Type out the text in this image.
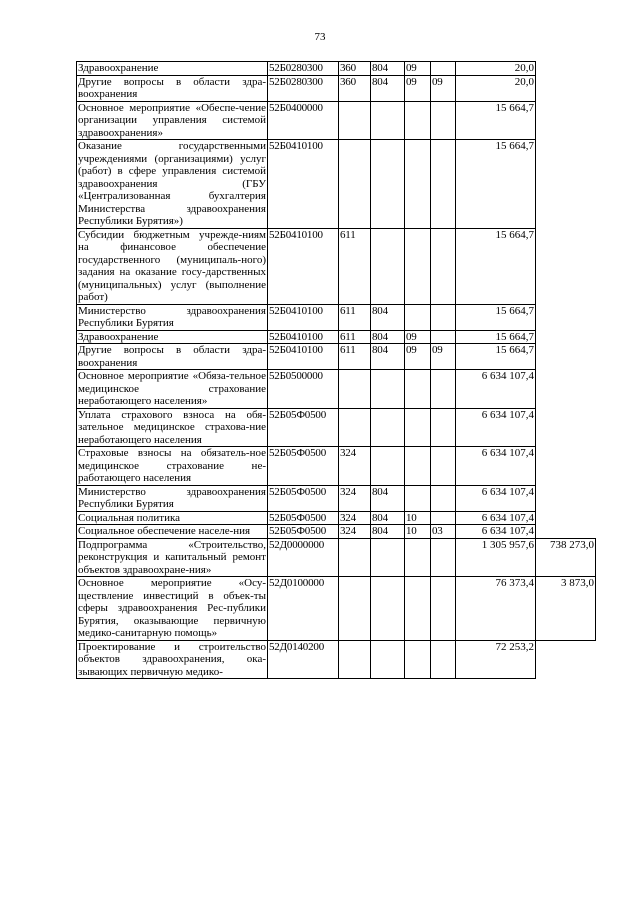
73
Здравоохранение	52Б0280300	360	804	09		20,0	
Другие вопросы в области здра-воохранения	52Б0280300	360	804	09	09	20,0	
Основное мероприятие «Обеспе-чение организации управления системой здравоохранения»	52Б0400000					15 664,7	
Оказание государственными учреждениями (организациями) услуг (работ) в сфере управления системой здравоохранения (ГБУ «Централизованная бухгалтерия Министерства здравоохранения Республики Бурятия»)	52Б0410100					15 664,7	
Субсидии бюджетным учрежде-ниям на финансовое обеспечение государственного (муниципаль-ного) задания на оказание госу-дарственных (муниципальных) услуг (выполнение работ)	52Б0410100	611				15 664,7	
Министерство здравоохранения Республики Бурятия	52Б0410100	611	804			15 664,7	
Здравоохранение	52Б0410100	611	804	09		15 664,7	
Другие вопросы в области здра-воохранения	52Б0410100	611	804	09	09	15 664,7	
Основное мероприятие «Обяза-тельное медицинское страхование неработающего населения»	52Б0500000					6 634 107,4	
Уплата страхового взноса на обя-зательное медицинское страхова-ние неработающего населения	52Б05Ф0500					6 634 107,4	
Страховые взносы на обязатель-ное медицинское страхование не-работающего населения	52Б05Ф0500	324				6 634 107,4	
Министерство здравоохранения Республики Бурятия	52Б05Ф0500	324	804			6 634 107,4	
Социальная политика	52Б05Ф0500	324	804	10		6 634 107,4	
Социальное обеспечение населе-ния	52Б05Ф0500	324	804	10	03	6 634 107,4	
Подпрограмма «Строительство, реконструкция и капитальный ремонт объектов здравоохране-ния»	52Д0000000					1 305 957,6	738 273,0
Основное мероприятие «Осу-ществление инвестиций в объек-ты сферы здравоохранения Рес-публики Бурятия, оказывающие первичную медико-санитарную помощь»	52Д0100000					76 373,4	3 873,0
Проектирование и строительство объектов здравоохранения, ока-зывающих первичную медико-	52Д0140200					72 253,2	
